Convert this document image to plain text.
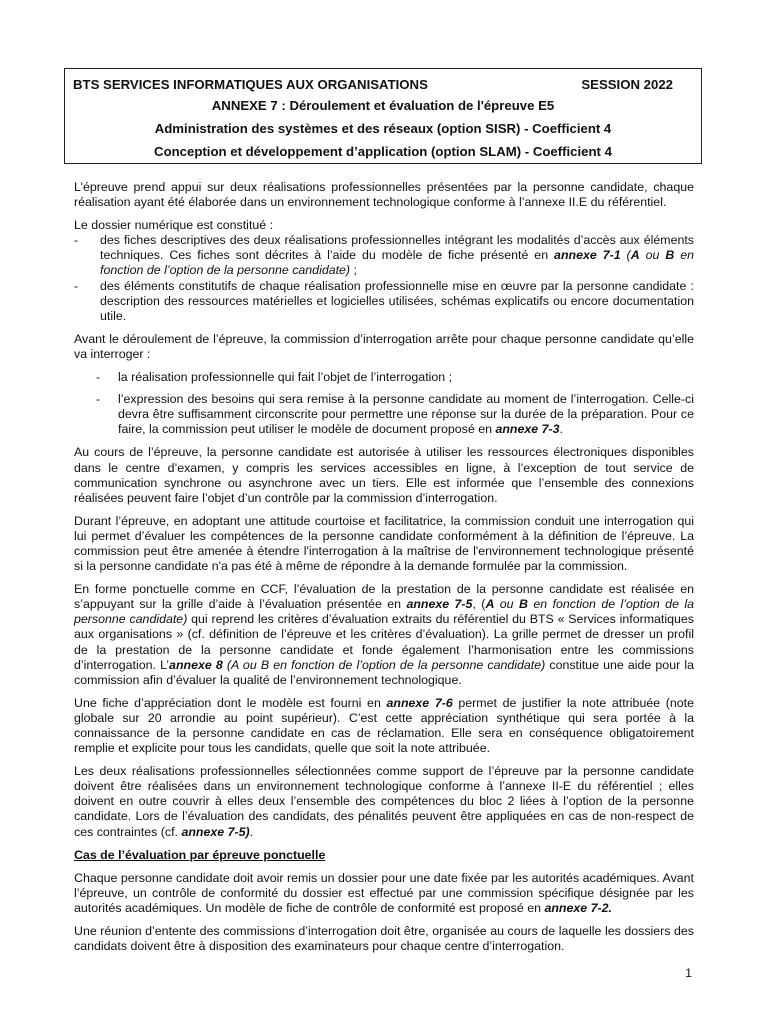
BTS SERVICES INFORMATIQUES AUX ORGANISATIONS	SESSION 2022
ANNEXE 7 : Déroulement et évaluation de l'épreuve E5
Administration des systèmes et des réseaux (option SISR) - Coefficient 4
Conception et développement d’application (option SLAM) - Coefficient 4

L’épreuve prend appui sur deux réalisations professionnelles présentées par la personne candidate, chaque réalisation ayant été élaborée dans un environnement technologique conforme à l’annexe II.E du référentiel.

Le dossier numérique est constitué :

- des fiches descriptives des deux réalisations professionnelles intégrant les modalités d’accès aux éléments techniques. Ces fiches sont décrites à l’aide du modèle de fiche présenté en annexe 7-1 (A ou B en fonction de l’option de la personne candidate) ;
- des éléments constitutifs de chaque réalisation professionnelle mise en œuvre par la personne candidate : description des ressources matérielles et logicielles utilisées, schémas explicatifs ou encore documentation utile.

Avant le déroulement de l’épreuve, la commission d’interrogation arrête pour chaque personne candidate qu’elle va interroger :

- la réalisation professionnelle qui fait l’objet de l’interrogation ;
- l’expression des besoins qui sera remise à la personne candidate au moment de l’interrogation. Celle-ci devra être suffisamment circonscrite pour permettre une réponse sur la durée de la préparation. Pour ce faire, la commission peut utiliser le modèle de document proposé en annexe 7-3.

Au cours de l’épreuve, la personne candidate est autorisée à utiliser les ressources électroniques disponibles dans le centre d’examen, y compris les services accessibles en ligne, à l’exception de tout service de communication synchrone ou asynchrone avec un tiers. Elle est informée que l’ensemble des connexions réalisées peuvent faire l’objet d’un contrôle par la commission d’interrogation.

Durant l’épreuve, en adoptant une attitude courtoise et facilitatrice, la commission conduit une interrogation qui lui permet d’évaluer les compétences de la personne candidate conformément à la définition de l’épreuve. La commission peut être amenée à étendre l'interrogation à la maîtrise de l'environnement technologique présenté si la personne candidate n'a pas été à même de répondre à la demande formulée par la commission.

En forme ponctuelle comme en CCF, l’évaluation de la prestation de la personne candidate est réalisée en s’appuyant sur la grille d’aide à l’évaluation présentée en annexe 7-5, (A ou B en fonction de l’option de la personne candidate) qui reprend les critères d’évaluation extraits du référentiel du BTS « Services informatiques aux organisations » (cf. définition de l’épreuve et les critères d’évaluation). La grille permet de dresser un profil de la prestation de la personne candidate et fonde également l’harmonisation entre les commissions d’interrogation. L’annexe 8 (A ou B en fonction de l’option de la personne candidate) constitue une aide pour la commission afin d’évaluer la qualité de l’environnement technologique.

Une fiche d’appréciation dont le modèle est fourni en annexe 7-6 permet de justifier la note attribuée (note globale sur 20 arrondie au point supérieur). C’est cette appréciation synthétique qui sera portée à la connaissance de la personne candidate en cas de réclamation. Elle sera en conséquence obligatoirement remplie et explicite pour tous les candidats, quelle que soit la note attribuée.

Les deux réalisations professionnelles sélectionnées comme support de l’épreuve par la personne candidate doivent être réalisées dans un environnement technologique conforme à l’annexe II-E du référentiel ; elles doivent en outre couvrir à elles deux l’ensemble des compétences du bloc 2 liées à l’option de la personne candidate. Lors de l’évaluation des candidats, des pénalités peuvent être appliquées en cas de non-respect de ces contraintes (cf. annexe 7-5).

Cas de l’évaluation par épreuve ponctuelle

Chaque personne candidate doit avoir remis un dossier pour une date fixée par les autorités académiques. Avant l’épreuve, un contrôle de conformité du dossier est effectué par une commission spécifique désignée par les autorités académiques. Un modèle de fiche de contrôle de conformité est proposé en annexe 7-2.

Une réunion d’entente des commissions d’interrogation doit être, organisée au cours de laquelle les dossiers des candidats doivent être à disposition des examinateurs pour chaque centre d’interrogation.

1
